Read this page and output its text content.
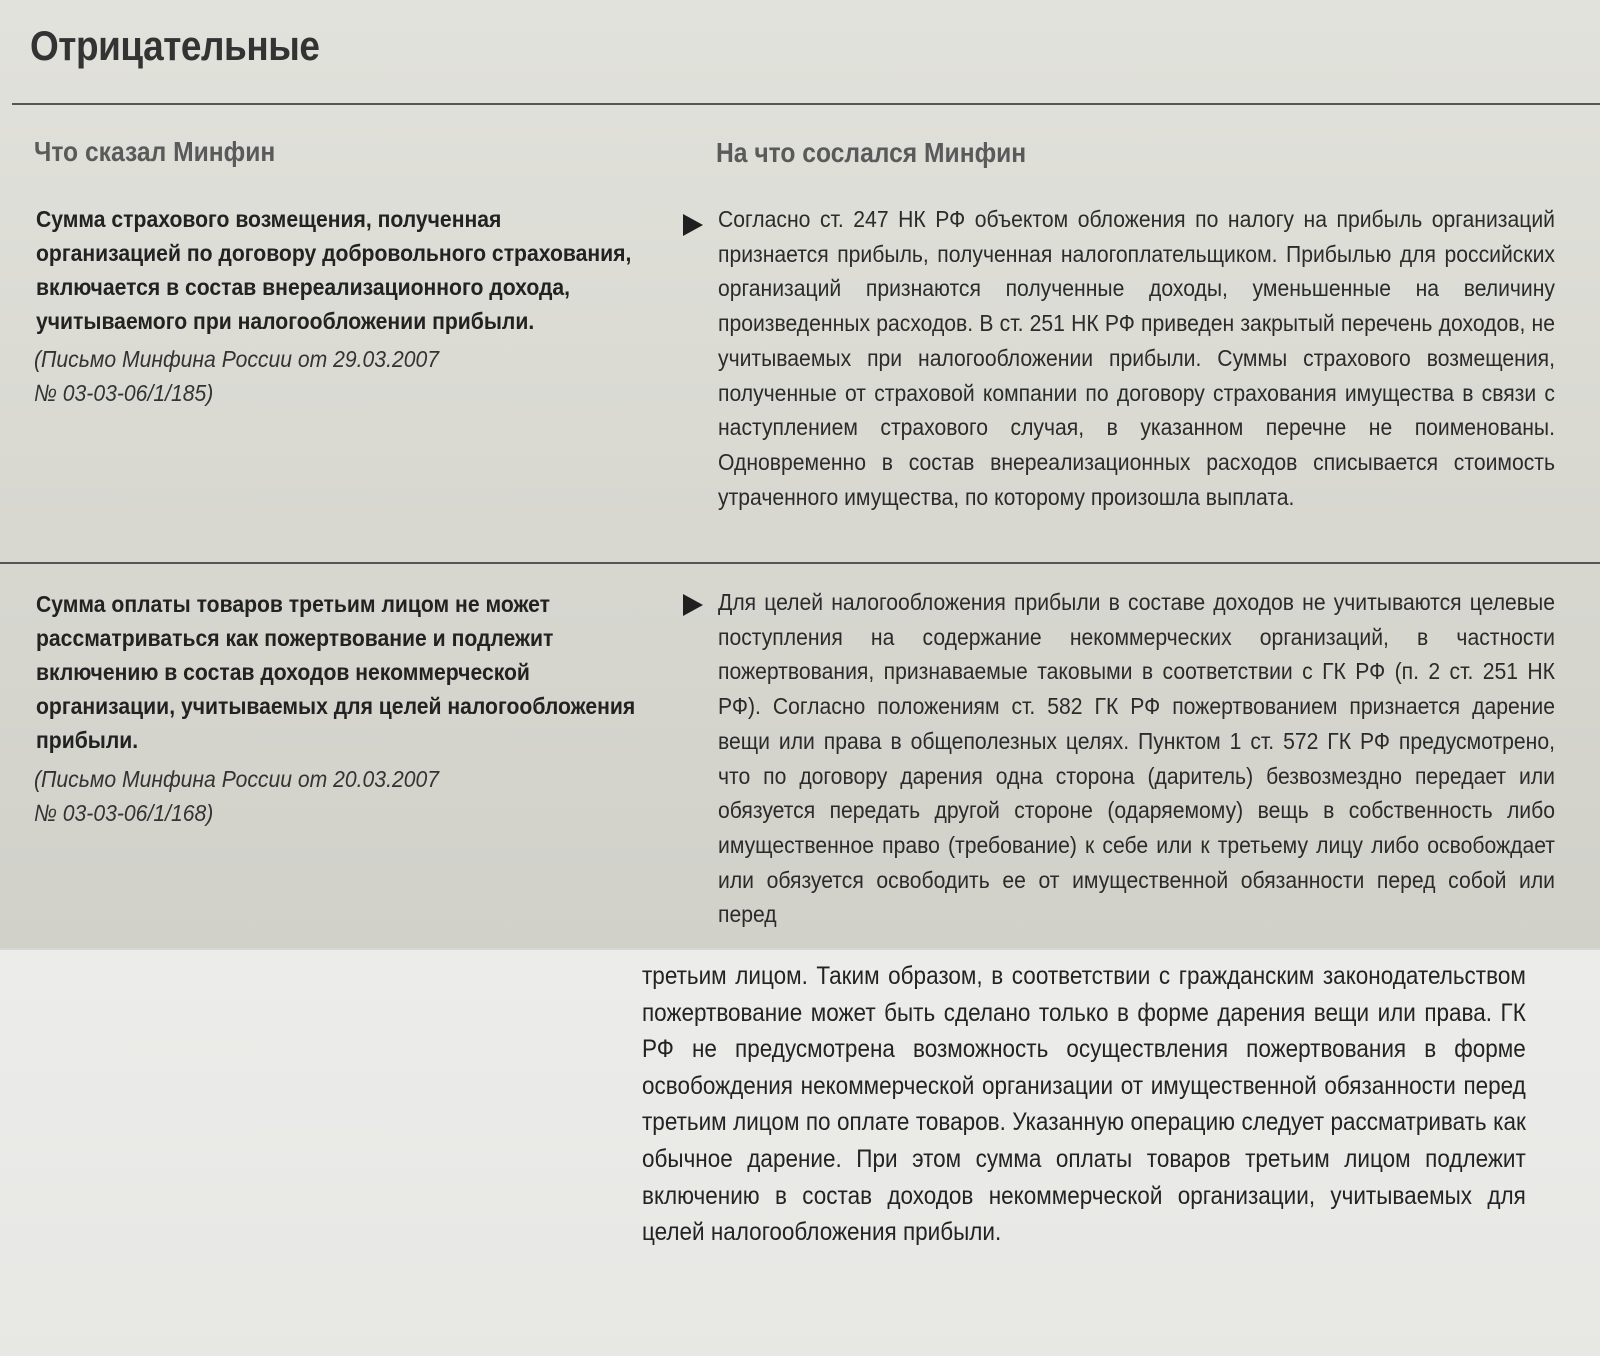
Отрицательные
Что сказал Минфин	На что сослался Минфин

Сумма страхового возмещения, полученная организацией по договору добровольного страхования, включается в состав внереализационного дохода, учитываемого при налогообложении прибыли.

(Письмо Минфина России от 29.03.2007
№ 03-03-06/1/185)

Согласно ст. 247 НК РФ объектом обложения по налогу на прибыль организаций признается прибыль, полученная налогоплательщиком. Прибылью для российских организаций признаются полученные доходы, уменьшенные на величину произведенных расходов. В ст. 251 НК РФ приведен закрытый перечень доходов, не учитываемых при налогообложении прибыли. Суммы страхового возмещения, полученные от страховой компании по договору страхования имущества в связи с наступлением страхового случая, в указанном перечне не поименованы. Одновременно в состав внереализационных расходов списывается стоимость утраченного имущества, по которому произошла выплата.

Сумма оплаты товаров третьим лицом не может рассматриваться как пожертвование и подлежит включению в состав доходов некоммерческой организации, учитываемых для целей налогообложения прибыли.

(Письмо Минфина России от 20.03.2007
№ 03-03-06/1/168)

Для целей налогообложения прибыли в составе доходов не учитываются целевые поступления на содержание некоммерческих организаций, в частности пожертвования, признаваемые таковыми в соответствии с ГК РФ (п. 2 ст. 251 НК РФ). Согласно положениям ст. 582 ГК РФ пожертвованием признается дарение вещи или права в общеполезных целях. Пунктом 1 ст. 572 ГК РФ предусмотрено, что по договору дарения одна сторона (даритель) безвозмездно передает или обязуется передать другой стороне (одаряемому) вещь в собственность либо имущественное право (требование) к себе или к третьему лицу либо освобождает или обязуется освободить ее от имущественной обязанности перед собой или перед

третьим лицом. Таким образом, в соответствии с гражданским законодательством пожертвование может быть сделано только в форме дарения вещи или права. ГК РФ не предусмотрена возможность осуществления пожертвования в форме освобождения некоммерческой организации от имущественной обязанности перед третьим лицом по оплате товаров. Указанную операцию следует рассматривать как обычное дарение. При этом сумма оплаты товаров третьим лицом подлежит включению в состав доходов некоммерческой организации, учитываемых для целей налогообложения прибыли.
